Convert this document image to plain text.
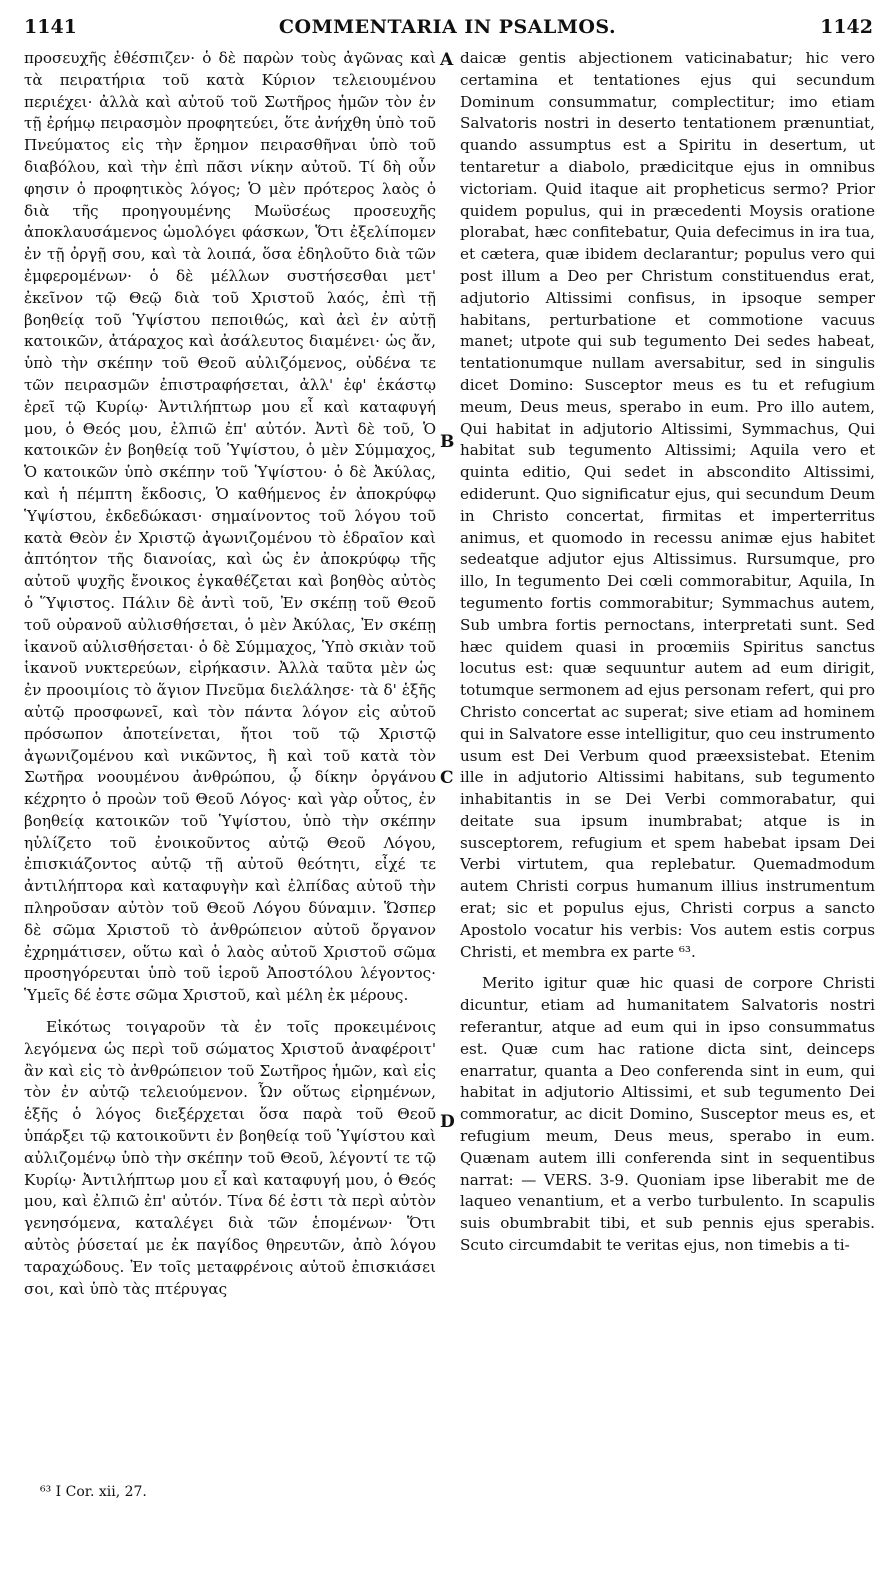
1141	COMMENTARIA IN PSALMOS.	1142

προσευχῆς ἐθέσπιζεν· ὁ δὲ παρὼν τοὺς ἀγῶνας καὶ τὰ πειρατήρια τοῦ κατὰ Κύριον τελειουμένου περιέχει· ἀλλὰ καὶ αὐτοῦ τοῦ Σωτῆρος ἡμῶν τὸν ἐν τῇ ἐρήμῳ πειρασμὸν προφητεύει, ὅτε ἀνήχθη ὑπὸ τοῦ Πνεύματος εἰς τὴν ἔρημον πειρασθῆναι ὑπὸ τοῦ διαβόλου, καὶ τὴν ἐπὶ πᾶσι νίκην αὐτοῦ. Τί δὴ οὖν φησιν ὁ προφητικὸς λόγος; Ὁ μὲν πρότερος λαὸς ὁ διὰ τῆς προηγουμένης Μωϋσέως προσευχῆς ἀποκλαυσάμενος ὡμολόγει φάσκων, Ὅτι ἐξελίπομεν ἐν τῇ ὀργῇ σου, καὶ τὰ λοιπά, ὅσα ἐδηλοῦτο διὰ τῶν ἐμφερομένων· ὁ δὲ μέλλων συστήσεσθαι μετ' ἐκεῖνον τῷ Θεῷ διὰ τοῦ Χριστοῦ λαός, ἐπὶ τῇ βοηθείᾳ τοῦ Ὑψίστου πεποιθώς, καὶ ἀεὶ ἐν αὐτῇ κατοικῶν, ἀτάραχος καὶ ἀσάλευτος διαμένει· ὡς ἄν, ὑπὸ τὴν σκέπην τοῦ Θεοῦ αὐλιζόμενος, οὐδένα τε τῶν πειρασμῶν ἐπιστραφήσεται, ἀλλ' ἐφ' ἑκάστῳ ἐρεῖ τῷ Κυρίῳ· Ἀντιλήπτωρ μου εἶ καὶ καταφυγή μου, ὁ Θεός μου, ἐλπιῶ ἐπ' αὐτόν. Ἀντὶ δὲ τοῦ, Ὁ κατοικῶν ἐν βοηθείᾳ τοῦ Ὑψίστου, ὁ μὲν Σύμμαχος, Ὁ κατοικῶν ὑπὸ σκέπην τοῦ Ὑψίστου· ὁ δὲ Ἀκύλας, καὶ ἡ πέμπτη ἔκδοσις, Ὁ καθήμενος ἐν ἀποκρύφῳ Ὑψίστου, ἐκδεδώκασι· σημαίνοντος τοῦ λόγου τοῦ κατὰ Θεὸν ἐν Χριστῷ ἀγωνιζομένου τὸ ἑδραῖον καὶ ἀπτόητον τῆς διανοίας, καὶ ὡς ἐν ἀποκρύφῳ τῆς αὐτοῦ ψυχῆς ἔνοικος ἐγκαθέζεται καὶ βοηθὸς αὐτὸς ὁ Ὕψιστος. Πάλιν δὲ ἀντὶ τοῦ, Ἐν σκέπῃ τοῦ Θεοῦ τοῦ οὐρανοῦ αὐλισθήσεται, ὁ μὲν Ἀκύλας, Ἐν σκέπῃ ἱκανοῦ αὐλισθήσεται· ὁ δὲ Σύμμαχος, Ὑπὸ σκιὰν τοῦ ἱκανοῦ νυκτερεύων, εἰρήκασιν. Ἀλλὰ ταῦτα μὲν ὡς ἐν προοιμίοις τὸ ἅγιον Πνεῦμα διελάλησε· τὰ δ' ἑξῆς αὐτῷ προσφωνεῖ, καὶ τὸν πάντα λόγον εἰς αὐτοῦ πρόσωπον ἀποτείνεται, ἤτοι τοῦ τῷ Χριστῷ ἀγωνιζομένου καὶ νικῶντος, ἢ καὶ τοῦ κατὰ τὸν Σωτῆρα νοουμένου ἀνθρώπου, ᾧ δίκην ὀργάνου κέχρητο ὁ προὼν τοῦ Θεοῦ Λόγος· καὶ γὰρ οὗτος, ἐν βοηθείᾳ κατοικῶν τοῦ Ὑψίστου, ὑπὸ τὴν σκέπην ηὐλίζετο τοῦ ἐνοικοῦντος αὐτῷ Θεοῦ Λόγου, ἐπισκιάζοντος αὐτῷ τῇ αὐτοῦ θεότητι, εἶχέ τε ἀντιλήπτορα καὶ καταφυγὴν καὶ ἐλπίδας αὐτοῦ τὴν πληροῦσαν αὐτὸν τοῦ Θεοῦ Λόγου δύναμιν. Ὥσπερ δὲ σῶμα Χριστοῦ τὸ ἀνθρώπειον αὐτοῦ ὄργανον ἐχρημάτισεν, οὕτω καὶ ὁ λαὸς αὐτοῦ Χριστοῦ σῶμα προσηγόρευται ὑπὸ τοῦ ἱεροῦ Ἀποστόλου λέγοντος· Ὑμεῖς δέ ἐστε σῶμα Χριστοῦ, καὶ μέλη ἐκ μέρους.

Εἰκότως τοιγαροῦν τὰ ἐν τοῖς προκειμένοις λεγόμενα ὡς περὶ τοῦ σώματος Χριστοῦ ἀναφέροιτ' ἂν καὶ εἰς τὸ ἀνθρώπειον τοῦ Σωτῆρος ἡμῶν, καὶ εἰς τὸν ἐν αὐτῷ τελειούμενον. Ὧν οὕτως εἰρημένων, ἑξῆς ὁ λόγος διεξέρχεται ὅσα παρὰ τοῦ Θεοῦ ὑπάρξει τῷ κατοικοῦντι ἐν βοηθείᾳ τοῦ Ὑψίστου καὶ αὐλιζομένῳ ὑπὸ τὴν σκέπην τοῦ Θεοῦ, λέγοντί τε τῷ Κυρίῳ· Ἀντιλήπτωρ μου εἶ καὶ καταφυγή μου, ὁ Θεός μου, καὶ ἐλπιῶ ἐπ' αὐτόν. Τίνα δέ ἐστι τὰ περὶ αὐτὸν γενησόμενα, καταλέγει διὰ τῶν ἑπομένων· Ὅτι αὐτὸς ῥύσεταί με ἐκ παγίδος θηρευτῶν, ἀπὸ λόγου ταραχώδους. Ἐν τοῖς μεταφρένοις αὐτοῦ ἐπισκιάσει σοι, καὶ ὑπὸ τὰς πτέρυγας

A
B
C
D

daicæ gentis abjectionem vaticinabatur; hic vero certamina et tentationes ejus qui secundum Dominum consummatur, complectitur; imo etiam Salvatoris nostri in deserto tentationem prænuntiat, quando assumptus est a Spiritu in desertum, ut tentaretur a diabolo, prædicitque ejus in omnibus victoriam. Quid itaque ait propheticus sermo? Prior quidem populus, qui in præcedenti Moysis oratione plorabat, hæc confitebatur, Quia defecimus in ira tua, et cætera, quæ ibidem declarantur; populus vero qui post illum a Deo per Christum constituendus erat, adjutorio Altissimi confisus, in ipsoque semper habitans, perturbatione et commotione vacuus manet; utpote qui sub tegumento Dei sedes habeat, tentationumque nullam aversabitur, sed in singulis dicet Domino: Susceptor meus es tu et refugium meum, Deus meus, sperabo in eum. Pro illo autem, Qui habitat in adjutorio Altissimi, Symmachus, Qui habitat sub tegumento Altissimi; Aquila vero et quinta editio, Qui sedet in abscondito Altissimi, ediderunt. Quo significatur ejus, qui secundum Deum in Christo concertat, firmitas et imperterritus animus, et quomodo in recessu animæ ejus habitet sedeatque adjutor ejus Altissimus. Rursumque, pro illo, In tegumento Dei cœli commorabitur, Aquila, In tegumento fortis commorabitur; Symmachus autem, Sub umbra fortis pernoctans, interpretati sunt. Sed hæc quidem quasi in proœmiis Spiritus sanctus locutus est: quæ sequuntur autem ad eum dirigit, totumque sermonem ad ejus personam refert, qui pro Christo concertat ac superat; sive etiam ad hominem qui in Salvatore esse intelligitur, quo ceu instrumento usum est Dei Verbum quod præexsistebat. Etenim ille in adjutorio Altissimi habitans, sub tegumento inhabitantis in se Dei Verbi commorabatur, qui deitate sua ipsum inumbrabat; atque is in susceptorem, refugium et spem habebat ipsam Dei Verbi virtutem, qua replebatur. Quemadmodum autem Christi corpus humanum illius instrumentum erat; sic et populus ejus, Christi corpus a sancto Apostolo vocatur his verbis: Vos autem estis corpus Christi, et membra ex parte ⁶³.

Merito igitur quæ hic quasi de corpore Christi dicuntur, etiam ad humanitatem Salvatoris nostri referantur, atque ad eum qui in ipso consummatus est. Quæ cum hac ratione dicta sint, deinceps enarratur, quanta a Deo conferenda sint in eum, qui habitat in adjutorio Altissimi, et sub tegumento Dei commoratur, ac dicit Domino, Susceptor meus es, et refugium meum, Deus meus, sperabo in eum. Quænam autem illi conferenda sint in sequentibus narrat: — VERS. 3-9. Quoniam ipse liberabit me de laqueo venantium, et a verbo turbulento. In scapulis suis obumbrabit tibi, et sub pennis ejus sperabis. Scuto circumdabit te veritas ejus, non timebis a ti-

⁶³ I Cor. xii, 27.
